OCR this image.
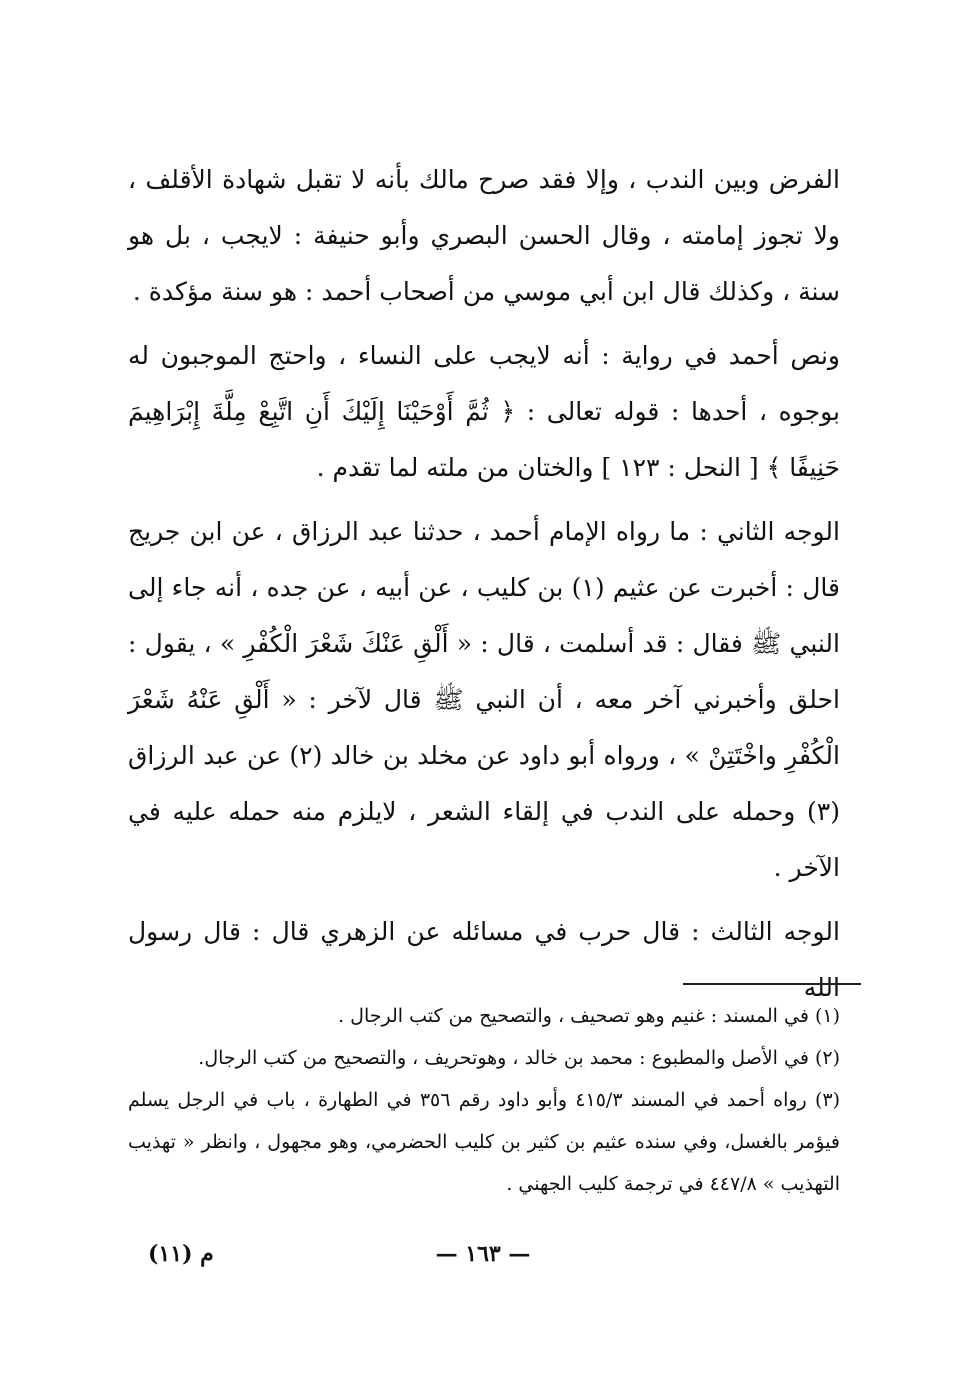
الفرض وبين الندب ، وإلا فقد صرح مالك بأنه لا تقبل شهادة الأقلف ، ولا تجوز إمامته ، وقال الحسن البصري وأبو حنيفة : لايجب ، بل هو سنة ، وكذلك قال ابن أبي موسي من أصحاب أحمد : هو سنة مؤكدة .

ونص أحمد في رواية : أنه لايجب على النساء ، واحتج الموجبون له بوجوه ، أحدها : قوله تعالى : ﴿ ثُمَّ أَوْحَيْنَا إِلَيْكَ أَنِ اتَّبِعْ مِلَّةَ إِبْرَاهِيمَ حَنِيفًا ﴾ [ النحل : ١٢٣ ] والختان من ملته لما تقدم .

الوجه الثاني : ما رواه الإمام أحمد ، حدثنا عبد الرزاق ، عن ابن جريج قال : أخبرت عن عثيم (١) بن كليب ، عن أبيه ، عن جده ، أنه جاء إلى النبي ﷺ فقال : قد أسلمت ، قال : « أَلْقِ عَنْكَ شَعْرَ الْكُفْرِ » ، يقول : احلق وأخبرني آخر معه ، أن النبي ﷺ قال لآخر : « أَلْقِ عَنْهُ شَعْرَ الْكُفْرِ واخْتَتِنْ » ، ورواه أبو داود عن مخلد بن خالد (٢) عن عبد الرزاق (٣) وحمله على الندب في إلقاء الشعر ، لايلزم منه حمله عليه في الآخر .

الوجه الثالث : قال حرب في مسائله عن الزهري قال : قال رسول الله

(١) في المسند : غنيم وهو تصحيف ، والتصحيح من كتب الرجال .

(٢) في الأصل والمطبوع : محمد بن خالد ، وهوتحريف ، والتصحيح من كتب الرجال.

(٣) رواه أحمد في المسند ٤١٥/٣ وأبو داود رقم ٣٥٦ في الطهارة ، باب في الرجل يسلم فيؤمر بالغسل، وفي سنده عثيم بن كثير بن كليب الحضرمي، وهو مجهول ، وانظر « تهذيب التهذيب » ٤٤٧/٨ في ترجمة كليب الجهني .

— ١٦٣ —
م (١١)
